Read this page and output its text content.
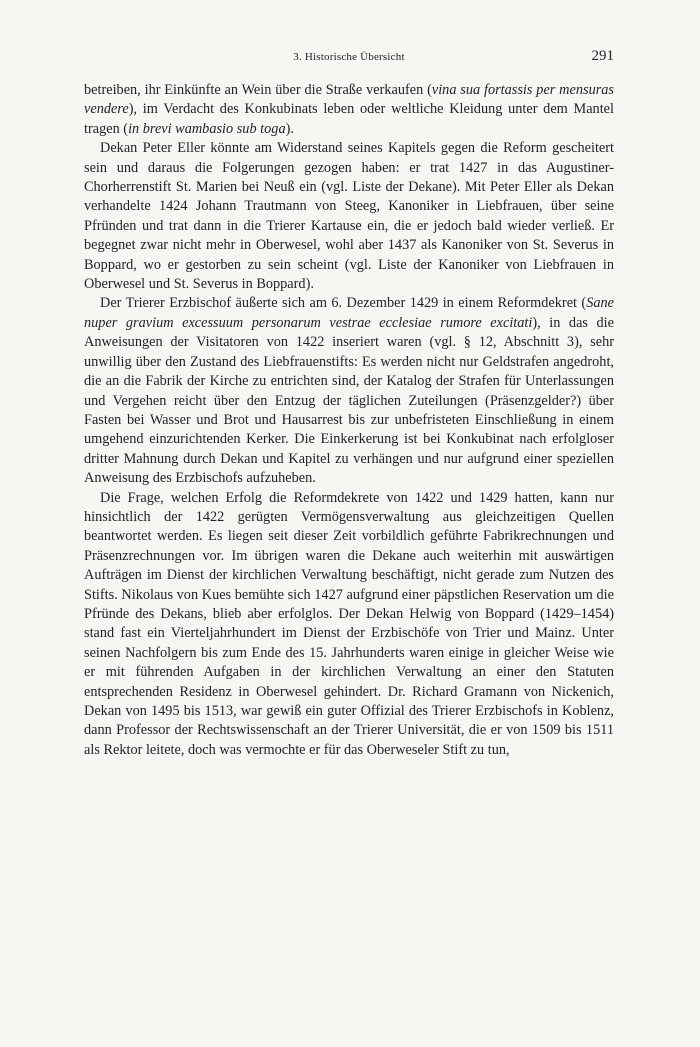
3. Historische Übersicht	291

betreiben, ihr Einkünfte an Wein über die Straße verkaufen (vina sua fortassis per mensuras vendere), im Verdacht des Konkubinats leben oder weltliche Kleidung unter dem Mantel tragen (in brevi wambasio sub toga).

Dekan Peter Eller könnte am Widerstand seines Kapitels gegen die Reform gescheitert sein und daraus die Folgerungen gezogen haben: er trat 1427 in das Augustiner-Chorherrenstift St. Marien bei Neuß ein (vgl. Liste der Dekane). Mit Peter Eller als Dekan verhandelte 1424 Johann Trautmann von Steeg, Kanoniker in Liebfrauen, über seine Pfründen und trat dann in die Trierer Kartause ein, die er jedoch bald wieder verließ. Er begegnet zwar nicht mehr in Oberwesel, wohl aber 1437 als Kanoniker von St. Severus in Boppard, wo er gestorben zu sein scheint (vgl. Liste der Kanoniker von Liebfrauen in Oberwesel und St. Severus in Boppard).

Der Trierer Erzbischof äußerte sich am 6. Dezember 1429 in einem Reformdekret (Sane nuper gravium excessuum personarum vestrae ecclesiae rumore excitati), in das die Anweisungen der Visitatoren von 1422 inseriert waren (vgl. § 12, Abschnitt 3), sehr unwillig über den Zustand des Liebfrauenstifts: Es werden nicht nur Geldstrafen angedroht, die an die Fabrik der Kirche zu entrichten sind, der Katalog der Strafen für Unterlassungen und Vergehen reicht über den Entzug der täglichen Zuteilungen (Präsenzgelder?) über Fasten bei Wasser und Brot und Hausarrest bis zur unbefristeten Einschließung in einem umgehend einzurichtenden Kerker. Die Einkerkerung ist bei Konkubinat nach erfolgloser dritter Mahnung durch Dekan und Kapitel zu verhängen und nur aufgrund einer speziellen Anweisung des Erzbischofs aufzuheben.

Die Frage, welchen Erfolg die Reformdekrete von 1422 und 1429 hatten, kann nur hinsichtlich der 1422 gerügten Vermögensverwaltung aus gleichzeitigen Quellen beantwortet werden. Es liegen seit dieser Zeit vorbildlich geführte Fabrikrechnungen und Präsenzrechnungen vor. Im übrigen waren die Dekane auch weiterhin mit auswärtigen Aufträgen im Dienst der kirchlichen Verwaltung beschäftigt, nicht gerade zum Nutzen des Stifts. Nikolaus von Kues bemühte sich 1427 aufgrund einer päpstlichen Reservation um die Pfründe des Dekans, blieb aber erfolglos. Der Dekan Helwig von Boppard (1429–1454) stand fast ein Vierteljahrhundert im Dienst der Erzbischöfe von Trier und Mainz. Unter seinen Nachfolgern bis zum Ende des 15. Jahrhunderts waren einige in gleicher Weise wie er mit führenden Aufgaben in der kirchlichen Verwaltung an einer den Statuten entsprechenden Residenz in Oberwesel gehindert. Dr. Richard Gramann von Nickenich, Dekan von 1495 bis 1513, war gewiß ein guter Offizial des Trierer Erzbischofs in Koblenz, dann Professor der Rechtswissenschaft an der Trierer Universität, die er von 1509 bis 1511 als Rektor leitete, doch was vermochte er für das Oberweseler Stift zu tun,
